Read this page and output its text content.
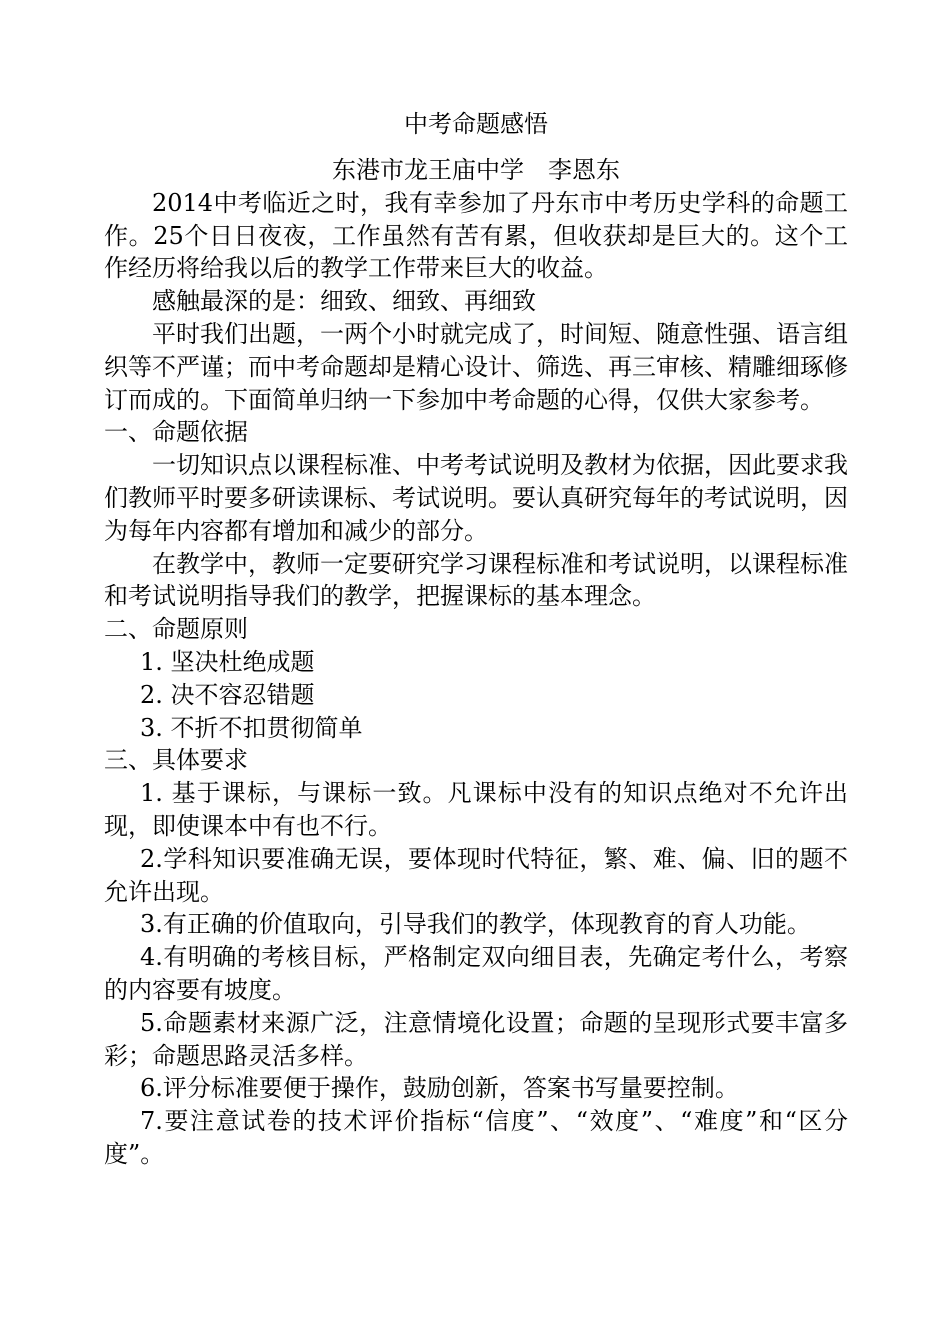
中考命题感悟

东港市龙王庙中学　李恩东

2014中考临近之时，我有幸参加了丹东市中考历史学科的命题工作。25个日日夜夜，工作虽然有苦有累，但收获却是巨大的。这个工作经历将给我以后的教学工作带来巨大的收益。

感触最深的是：细致、细致、再细致

平时我们出题，一两个小时就完成了，时间短、随意性强、语言组织等不严谨；而中考命题却是精心设计、筛选、再三审核、精雕细琢修订而成的。下面简单归纳一下参加中考命题的心得，仅供大家参考。

一、命题依据

一切知识点以课程标准、中考考试说明及教材为依据，因此要求我们教师平时要多研读课标、考试说明。要认真研究每年的考试说明，因为每年内容都有增加和减少的部分。

在教学中，教师一定要研究学习课程标准和考试说明，以课程标准和考试说明指导我们的教学，把握课标的基本理念。

二、命题原则

1. 坚决杜绝成题

2. 决不容忍错题

3. 不折不扣贯彻简单

三、具体要求

1. 基于课标，与课标一致。凡课标中没有的知识点绝对不允许出现，即使课本中有也不行。

2.学科知识要准确无误，要体现时代特征，繁、难、偏、旧的题不允许出现。

3.有正确的价值取向，引导我们的教学，体现教育的育人功能。

4.有明确的考核目标，严格制定双向细目表，先确定考什么，考察的内容要有坡度。

5.命题素材来源广泛，注意情境化设置；命题的呈现形式要丰富多彩；命题思路灵活多样。

6.评分标准要便于操作，鼓励创新，答案书写量要控制。

7.要注意试卷的技术评价指标“信度”、“效度”、“难度”和“区分度”。
